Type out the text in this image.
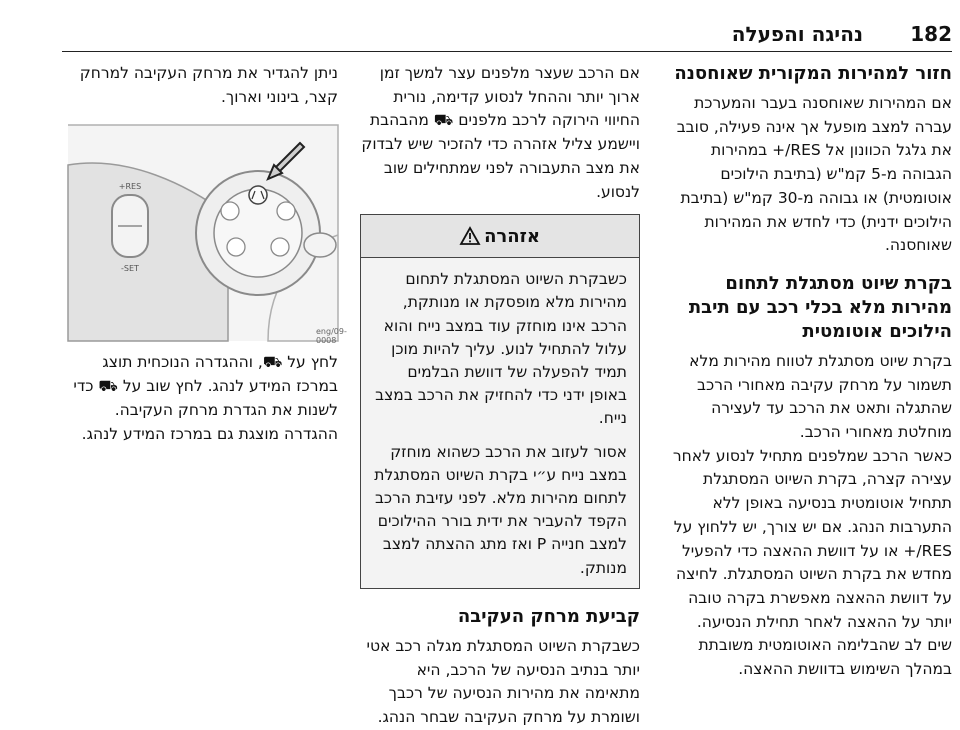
182
נהיגה והפעלה
חזור למהירות המקורית שאוחסנה

אם המהירות שאוחסנה בעבר והמערכת עברה למצב מופעל אך אינה פעילה, סובב את גלגל הכוונון אל RES/+ במהירות הגבוהה מ-5 קמ"ש (בתיבת הילוכים אוטומטית) או גבוהה מ-30 קמ"ש (בתיבת הילוכים ידנית) כדי לחדש את המהירות שאוחסנה.

בקרת שיוט מסתגלת לתחום מהירות מלא בכלי רכב עם תיבת הילוכים אוטומטית

בקרת שיוט מסתגלת לטווח מהירות מלא תשמור על מרחק עקיבה מאחורי הרכב שהתגלה ותאט את הרכב עד לעצירה מוחלטת מאחורי הרכב.

כאשר הרכב שמלפנים מתחיל לנסוע לאחר עצירה קצרה, בקרת השיוט המסתגלת תתחיל אוטומטית בנסיעה באופן ללא התערבות הנהג. אם יש צורך, יש ללחוץ על RES/+ או על דוושת ההאצה כדי להפעיל מחדש את בקרת השיוט המסתגלת. לחיצה על דוושת ההאצה מאפשרת בקרה טובה יותר על ההאצה לאחר תחילת הנסיעה. שים לב שהבלימה האוטומטית משובתת במהלך השימוש בדוושת ההאצה.

אם הרכב שעצר מלפנים עצר למשך זמן ארוך יותר וההחל לנסוע קדימה, נורית החיווי הירוקה לרכב מלפנים ⛟ מהבהבת ויישמע צליל אזהרה כדי להזכיר שיש לבדוק את מצב התעבורה לפני שמתחילים שוב לנסוע.

אזהרה

כשבקרת השיוט המסתגלת לתחום מהירות מלא מופסקת או מנותקת, הרכב אינו מוחזק עוד במצב נייח והוא עלול להתחיל לנוע. עליך להיות מוכן תמיד להפעלה של דוושת הבלמים באופן ידני כדי להחזיק את הרכב במצב נייח.

אסור לעזוב את הרכב כשהוא מוחזק במצב נייח ע״י בקרת השיוט המסתגלת לתחום מהירות מלא. לפני עזיבת הרכב הקפד להעביר את ידית בורר ההילוכים למצב חנייה P ואז מתג ההצתה למצב מנותק.

קביעת מרחק העקיבה

כשבקרת השיוט המסתגלת מגלה רכב אטי יותר בנתיב הנסיעה של הרכב, היא מתאימה את מהירות הנסיעה של רכבך ושומרת על מרחק העקיבה שבחר הנהג.

ניתן להגדיר את מרחק העקיבה למרחק קצר, בינוני וארוך.

RES+
SET-
eng/09-0008

לחץ על ⛟, וההגדרה הנוכחית תוצג במרכז המידע לנהג. לחץ שוב על ⛟ כדי לשנות את הגדרת מרחק העקיבה. ההגדרה מוצגת גם במרכז המידע לנהג.
